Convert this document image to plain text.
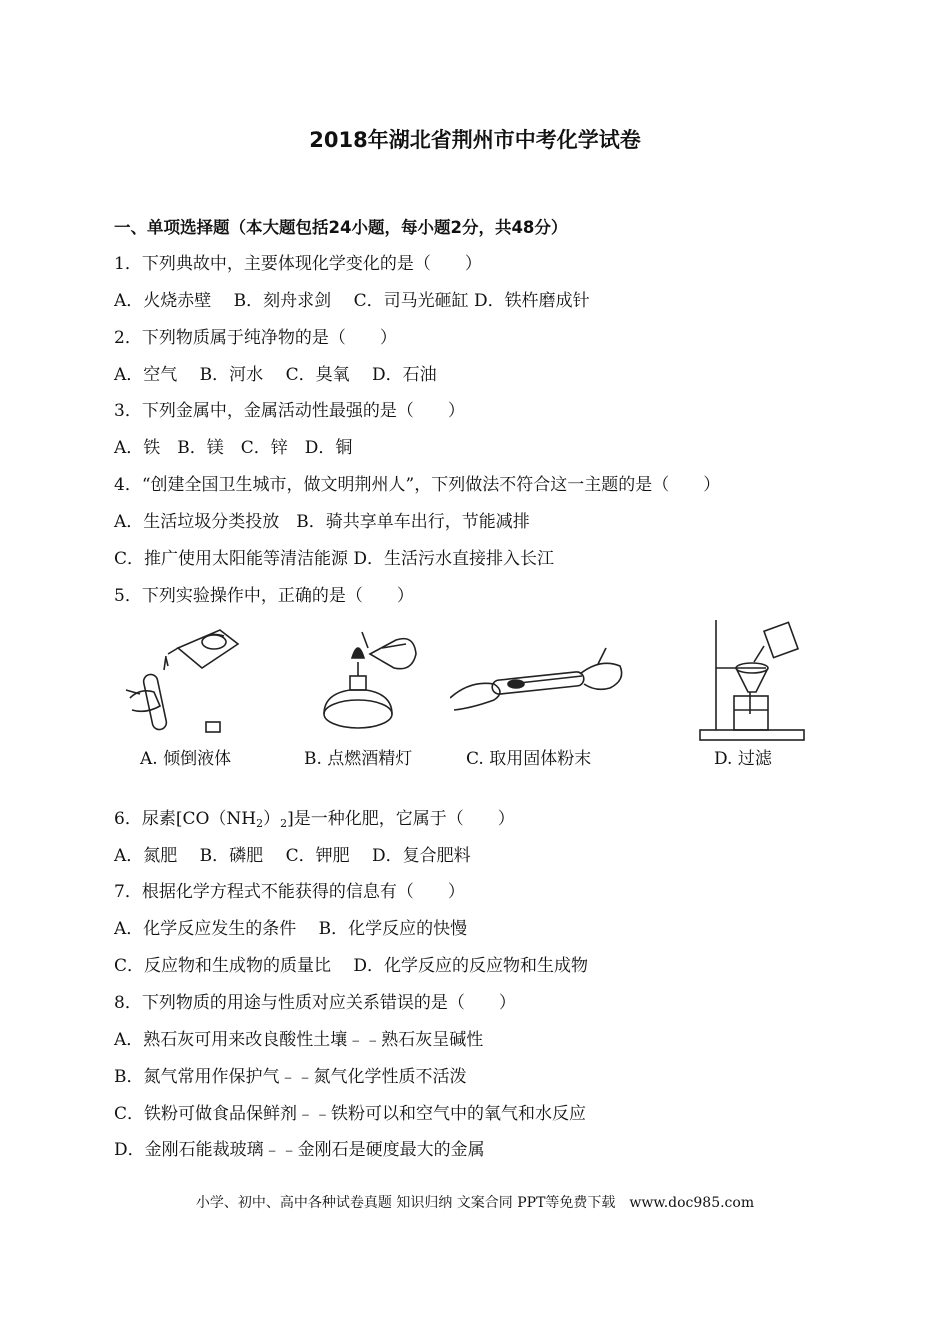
2018年湖北省荆州市中考化学试卷
一、单项选择题（本大题包括24小题，每小题2分，共48分）
1．下列典故中，主要体现化学变化的是（　　）
A．火烧赤壁　 B．刻舟求剑　 C．司马光砸缸 D．铁杵磨成针
2．下列物质属于纯净物的是（　　）
A．空气　 B．河水　 C．臭氧　 D．石油
3．下列金属中，金属活动性最强的是（　　）
A．铁　B．镁　C．锌　D．铜
4．“创建全国卫生城市，做文明荆州人”，下列做法不符合这一主题的是（　　）
A．生活垃圾分类投放　B．骑共享单车出行，节能减排
C．推广使用太阳能等清洁能源 D．生活污水直接排入长江
5．下列实验操作中，正确的是（　　）
A. 倾倒液体	B. 点燃酒精灯	C. 取用固体粉末	D. 过滤
6．尿素$[CO(NH_2)_2]$是一种化肥，它属于（　　）
A．氮肥　 B．磷肥　 C．钾肥　 D．复合肥料
7．根据化学方程式不能获得的信息有（　　）
A．化学反应发生的条件　 B．化学反应的快慢
C．反应物和生成物的质量比　 D．化学反应的反应物和生成物
8．下列物质的用途与性质对应关系错误的是（　　）
A．熟石灰可用来改良酸性土壤﹣﹣熟石灰呈碱性
B．氮气常用作保护气﹣﹣氮气化学性质不活泼
C．铁粉可做食品保鲜剂﹣﹣铁粉可以和空气中的氧气和水反应
D．金刚石能裁玻璃﹣﹣金刚石是硬度最大的金属
小学、初中、高中各种试卷真题 知识归纳 文案合同 PPT等免费下载　www.doc985.com
